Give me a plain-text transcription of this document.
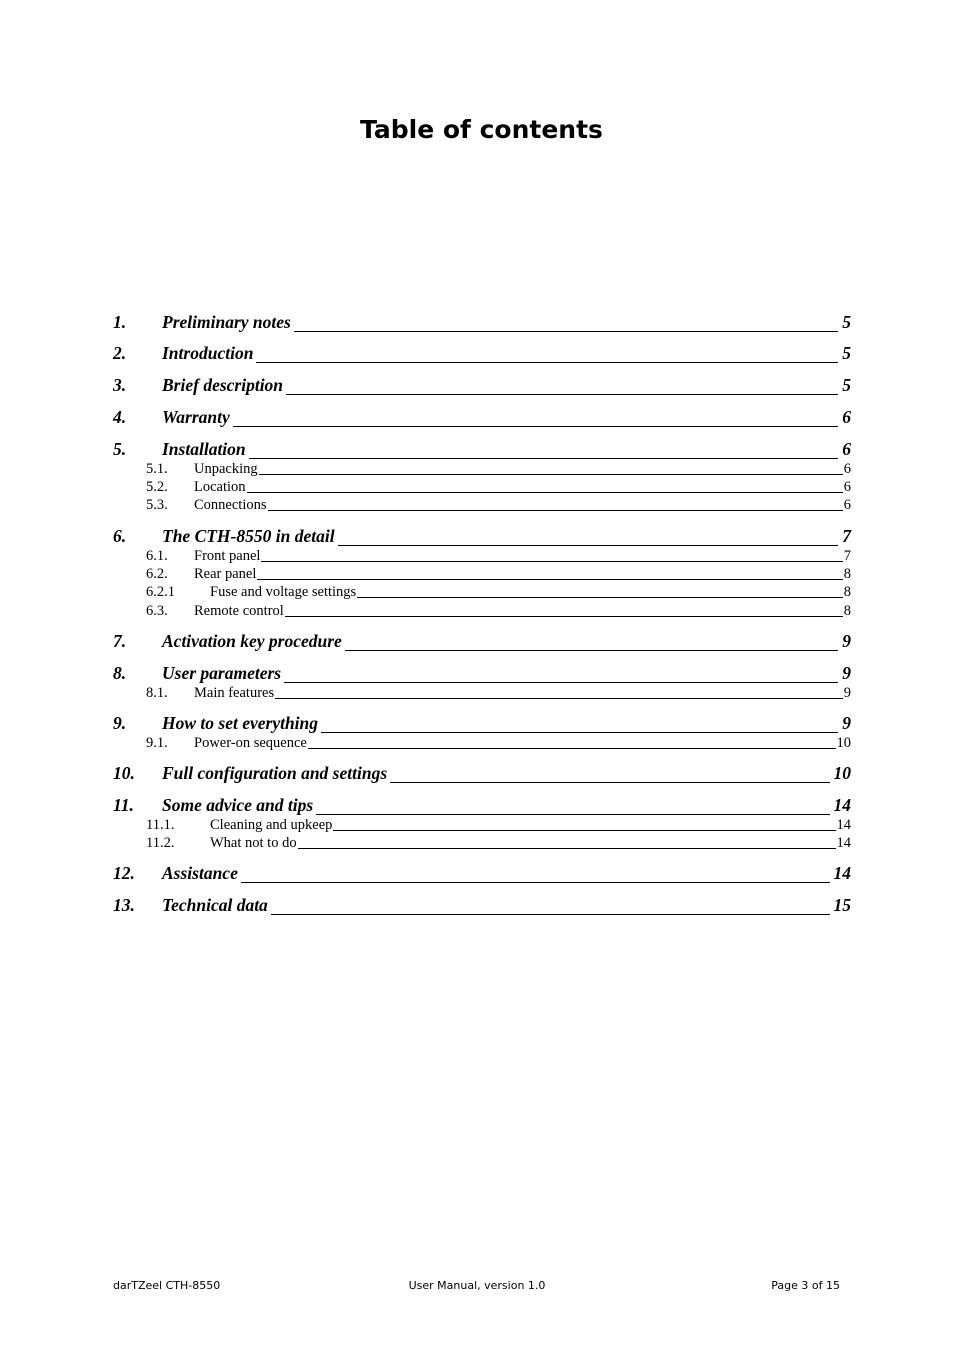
Table of contents
1.	Preliminary notes	5
2.	Introduction	5
3.	Brief description	5
4.	Warranty	6
5.	Installation	6
5.1.	Unpacking	6
5.2.	Location	6
5.3.	Connections	6
6.	The CTH-8550 in detail	7
6.1.	Front panel	7
6.2.	Rear panel	8
6.2.1	Fuse and voltage settings	8
6.3.	Remote control	8
7.	Activation key procedure	9
8.	User parameters	9
8.1.	Main features	9
9.	How to set everything	9
9.1.	Power-on sequence	10
10.	Full configuration and settings	10
11.	Some advice and tips	14
11.1.	Cleaning and upkeep	14
11.2.	What not to do	14
12.	Assistance	14
13.	Technical data	15
darTZeel CTH-8550	User Manual, version 1.0	Page 3 of 15
